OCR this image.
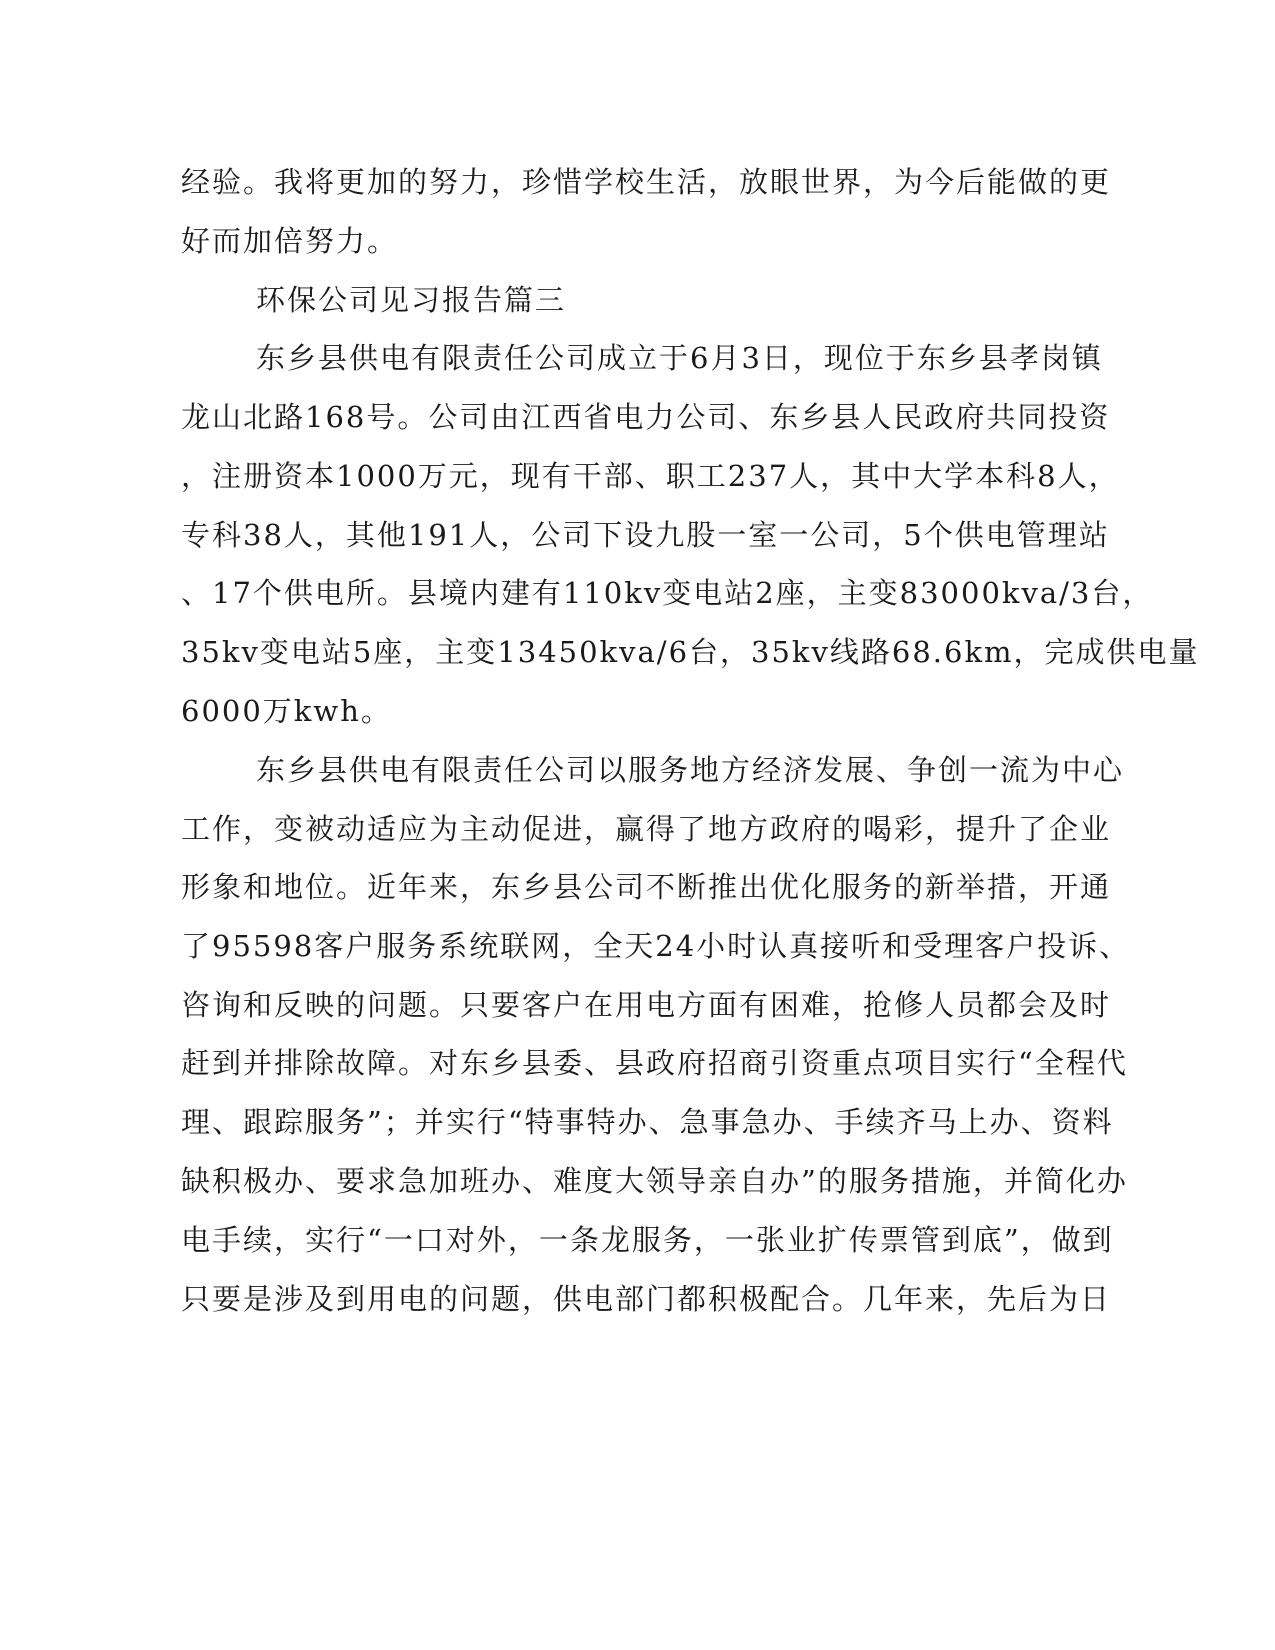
经验。我将更加的努力，珍惜学校生活，放眼世界，为今后能做的更
好而加倍努力。
环保公司见习报告篇三
东乡县供电有限责任公司成立于6月3日，现位于东乡县孝岗镇
龙山北路168号。公司由江西省电力公司、东乡县人民政府共同投资
，注册资本1000万元，现有干部、职工237人，其中大学本科8人，
专科38人，其他191人，公司下设九股一室一公司，5个供电管理站
、17个供电所。县境内建有110kv变电站2座，主变83000kva/3台，
35kv变电站5座，主变13450kva/6台，35kv线路68.6km，完成供电量
6000万kwh。
东乡县供电有限责任公司以服务地方经济发展、争创一流为中心
工作，变被动适应为主动促进，赢得了地方政府的喝彩，提升了企业
形象和地位。近年来，东乡县公司不断推出优化服务的新举措，开通
了95598客户服务系统联网，全天24小时认真接听和受理客户投诉、
咨询和反映的问题。只要客户在用电方面有困难，抢修人员都会及时
赶到并排除故障。对东乡县委、县政府招商引资重点项目实行“全程代
理、跟踪服务”；并实行“特事特办、急事急办、手续齐马上办、资料
缺积极办、要求急加班办、难度大领导亲自办”的服务措施，并简化办
电手续，实行“一口对外，一条龙服务，一张业扩传票管到底”，做到
只要是涉及到用电的问题，供电部门都积极配合。几年来，先后为日
